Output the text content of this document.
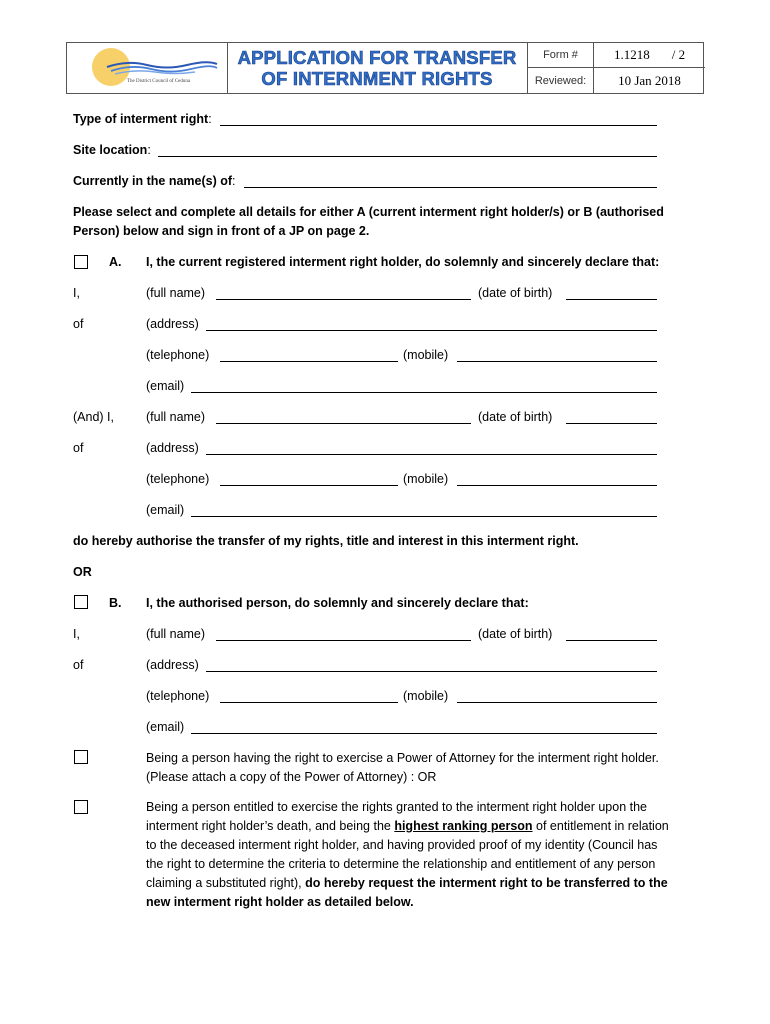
The District Council of Ceduna
APPLICATION FOR TRANSFER
OF INTERNMENT RIGHTS
Form #	1.1218 / 2
Reviewed:	10 Jan 2018
Type of interment right:
Site location:
Currently in the name(s) of:
Please select and complete all details for either A (current interment right holder/s) or B (authorised
Person) below and sign in front of a JP on page 2.
A. I, the current registered interment right holder, do solemnly and sincerely declare that:
I,	(full name)	(date of birth)
of	(address)
(telephone)	(mobile)
(email)
(And) I,	(full name)	(date of birth)
of	(address)
(telephone)	(mobile)
(email)
do hereby authorise the transfer of my rights, title and interest in this interment right.
OR
B. I, the authorised person, do solemnly and sincerely declare that:
I,	(full name)	(date of birth)
of	(address)
(telephone)	(mobile)
(email)
Being a person having the right to exercise a Power of Attorney for the interment right holder.
(Please attach a copy of the Power of Attorney) : OR
Being a person entitled to exercise the rights granted to the interment right holder upon the
interment right holder’s death, and being the highest ranking person of entitlement in relation
to the deceased interment right holder, and having provided proof of my identity (Council has
the right to determine the criteria to determine the relationship and entitlement of any person
claiming a substituted right), do hereby request the interment right to be transferred to the
new interment right holder as detailed below.
